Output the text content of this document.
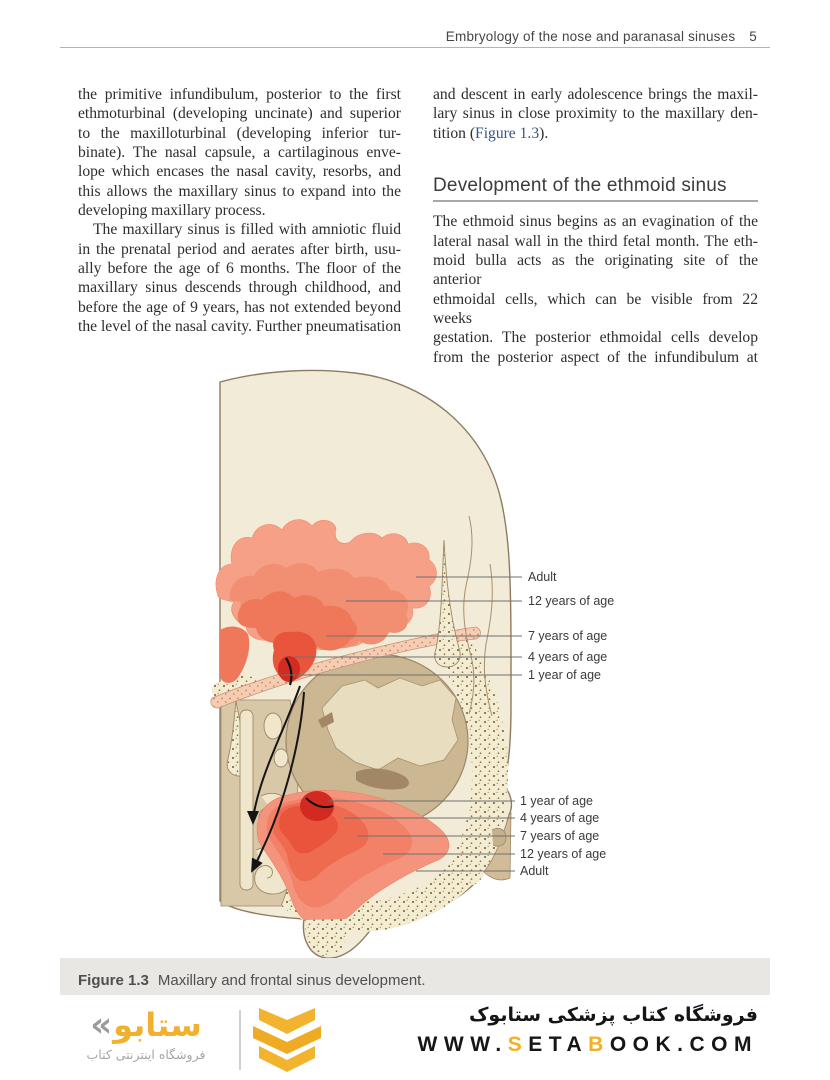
Embryology of the nose and paranasal sinuses 5
the primitive infundibulum, posterior to the first
ethmoturbinal (developing uncinate) and superior
to the maxilloturbinal (developing inferior tur-
binate). The nasal capsule, a cartilaginous enve-
lope which encases the nasal cavity, resorbs, and
this allows the maxillary sinus to expand into the
developing maxillary process.
The maxillary sinus is filled with amniotic fluid
in the prenatal period and aerates after birth, usu-
ally before the age of 6 months. The floor of the
maxillary sinus descends through childhood, and
before the age of 9 years, has not extended beyond
the level of the nasal cavity. Further pneumatisation
and descent in early adolescence brings the maxil-
lary sinus in close proximity to the maxillary den-
tition (Figure 1.3).
Development of the ethmoid sinus
The ethmoid sinus begins as an evagination of the
lateral nasal wall in the third fetal month. The eth-
moid bulla acts as the originating site of the anterior
ethmoidal cells, which can be visible from 22 weeks
gestation. The posterior ethmoidal cells develop
from the posterior aspect of the infundibulum at
Adult
12 years of age
7 years of age
4 years of age
1 year of age
1 year of age
4 years of age
7 years of age
12 years of age
Adult
Figure 1.3 Maxillary and frontal sinus development.
« ستابو
فروشگاه اینترنتی کتاب
فروشگاه کتاب پزشکی ستابوک
WWW.SETABOOK.COM
